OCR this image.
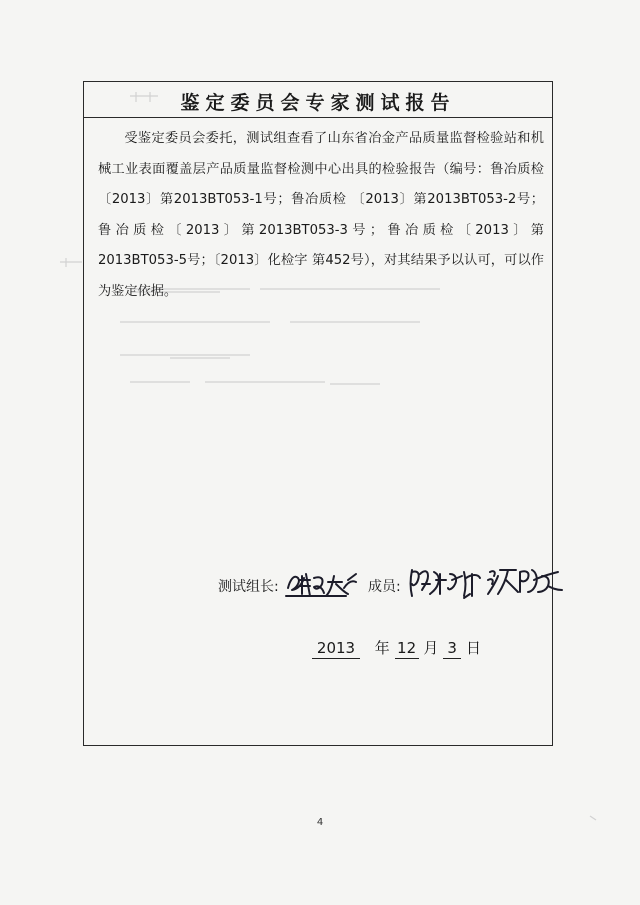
鉴定委员会专家测试报告
受鉴定委员会委托，测试组查看了山东省冶金产品质量监督检验站和机械工业表面覆盖层产品质量监督检测中心出具的检验报告（编号：鲁冶质检〔2013〕第2013BT053-1号；鲁冶质检 〔2013〕第2013BT053-2号；鲁冶质检〔2013〕第2013BT053-3号；鲁冶质检〔2013〕第2013BT053-5号；〔2013〕化检字 第452号），对其结果予以认可，可以作为鉴定依据。
测试组长:	成员:
2013 年 12 月 3 日
4
